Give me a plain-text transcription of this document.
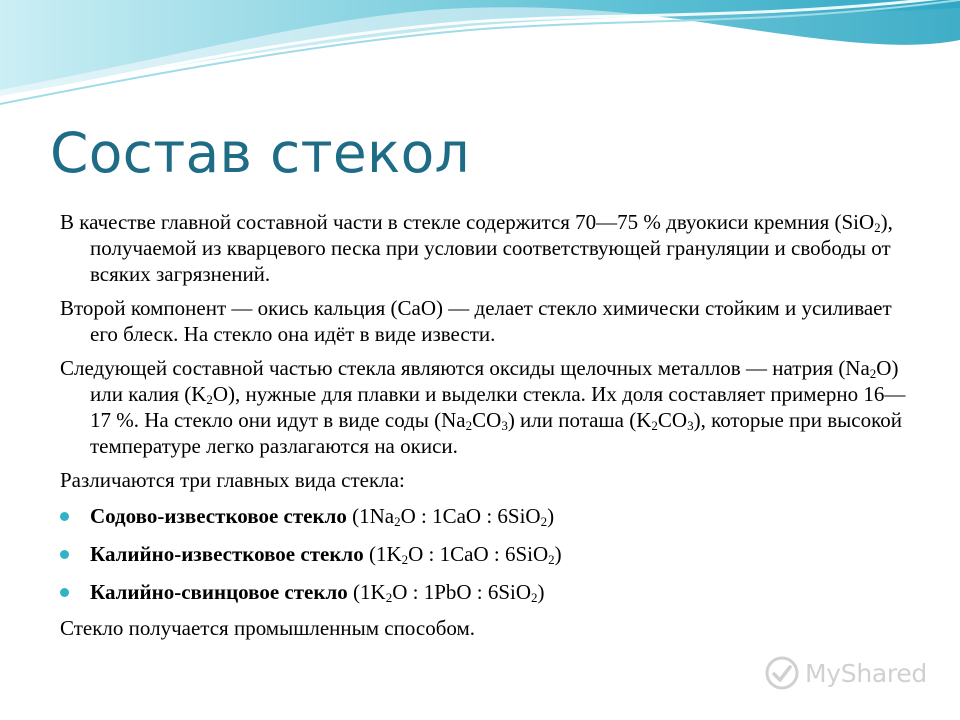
Состав стекол

В качестве главной составной части в стекле содержится 70—75 % двуокиси кремния (SiO$_2$), получаемой из кварцевого песка при условии соответствующей грануляции и свободы от всяких загрязнений.

Второй компонент — окись кальция (CaO) — делает стекло химически стойким и усиливает его блеск. На стекло она идёт в виде извести.

Следующей составной частью стекла являются оксиды щелочных металлов — натрия $(Na_2O)$ или калия $(K_2O)$, нужные для плавки и выделки стекла. Их доля составляет примерно 16—17 %. На стекло они идут в виде соды $(Na_2CO_3)$ или поташа $(K_2CO_3)$, которые при высокой температуре легко разлагаются на окиси.

Различаются три главных вида стекла:

Содово-известковое стекло ($1Na_2O$ : 1CaO : 6SiO$_2$)
Калийно-известковое стекло ($1K_2O$ : 1CaO : 6SiO$_2$)
Калийно-свинцовое стекло ($1K_2O$ : 1PbO : 6SiO$_2$)

Стекло получается промышленным способом.

MyShared
